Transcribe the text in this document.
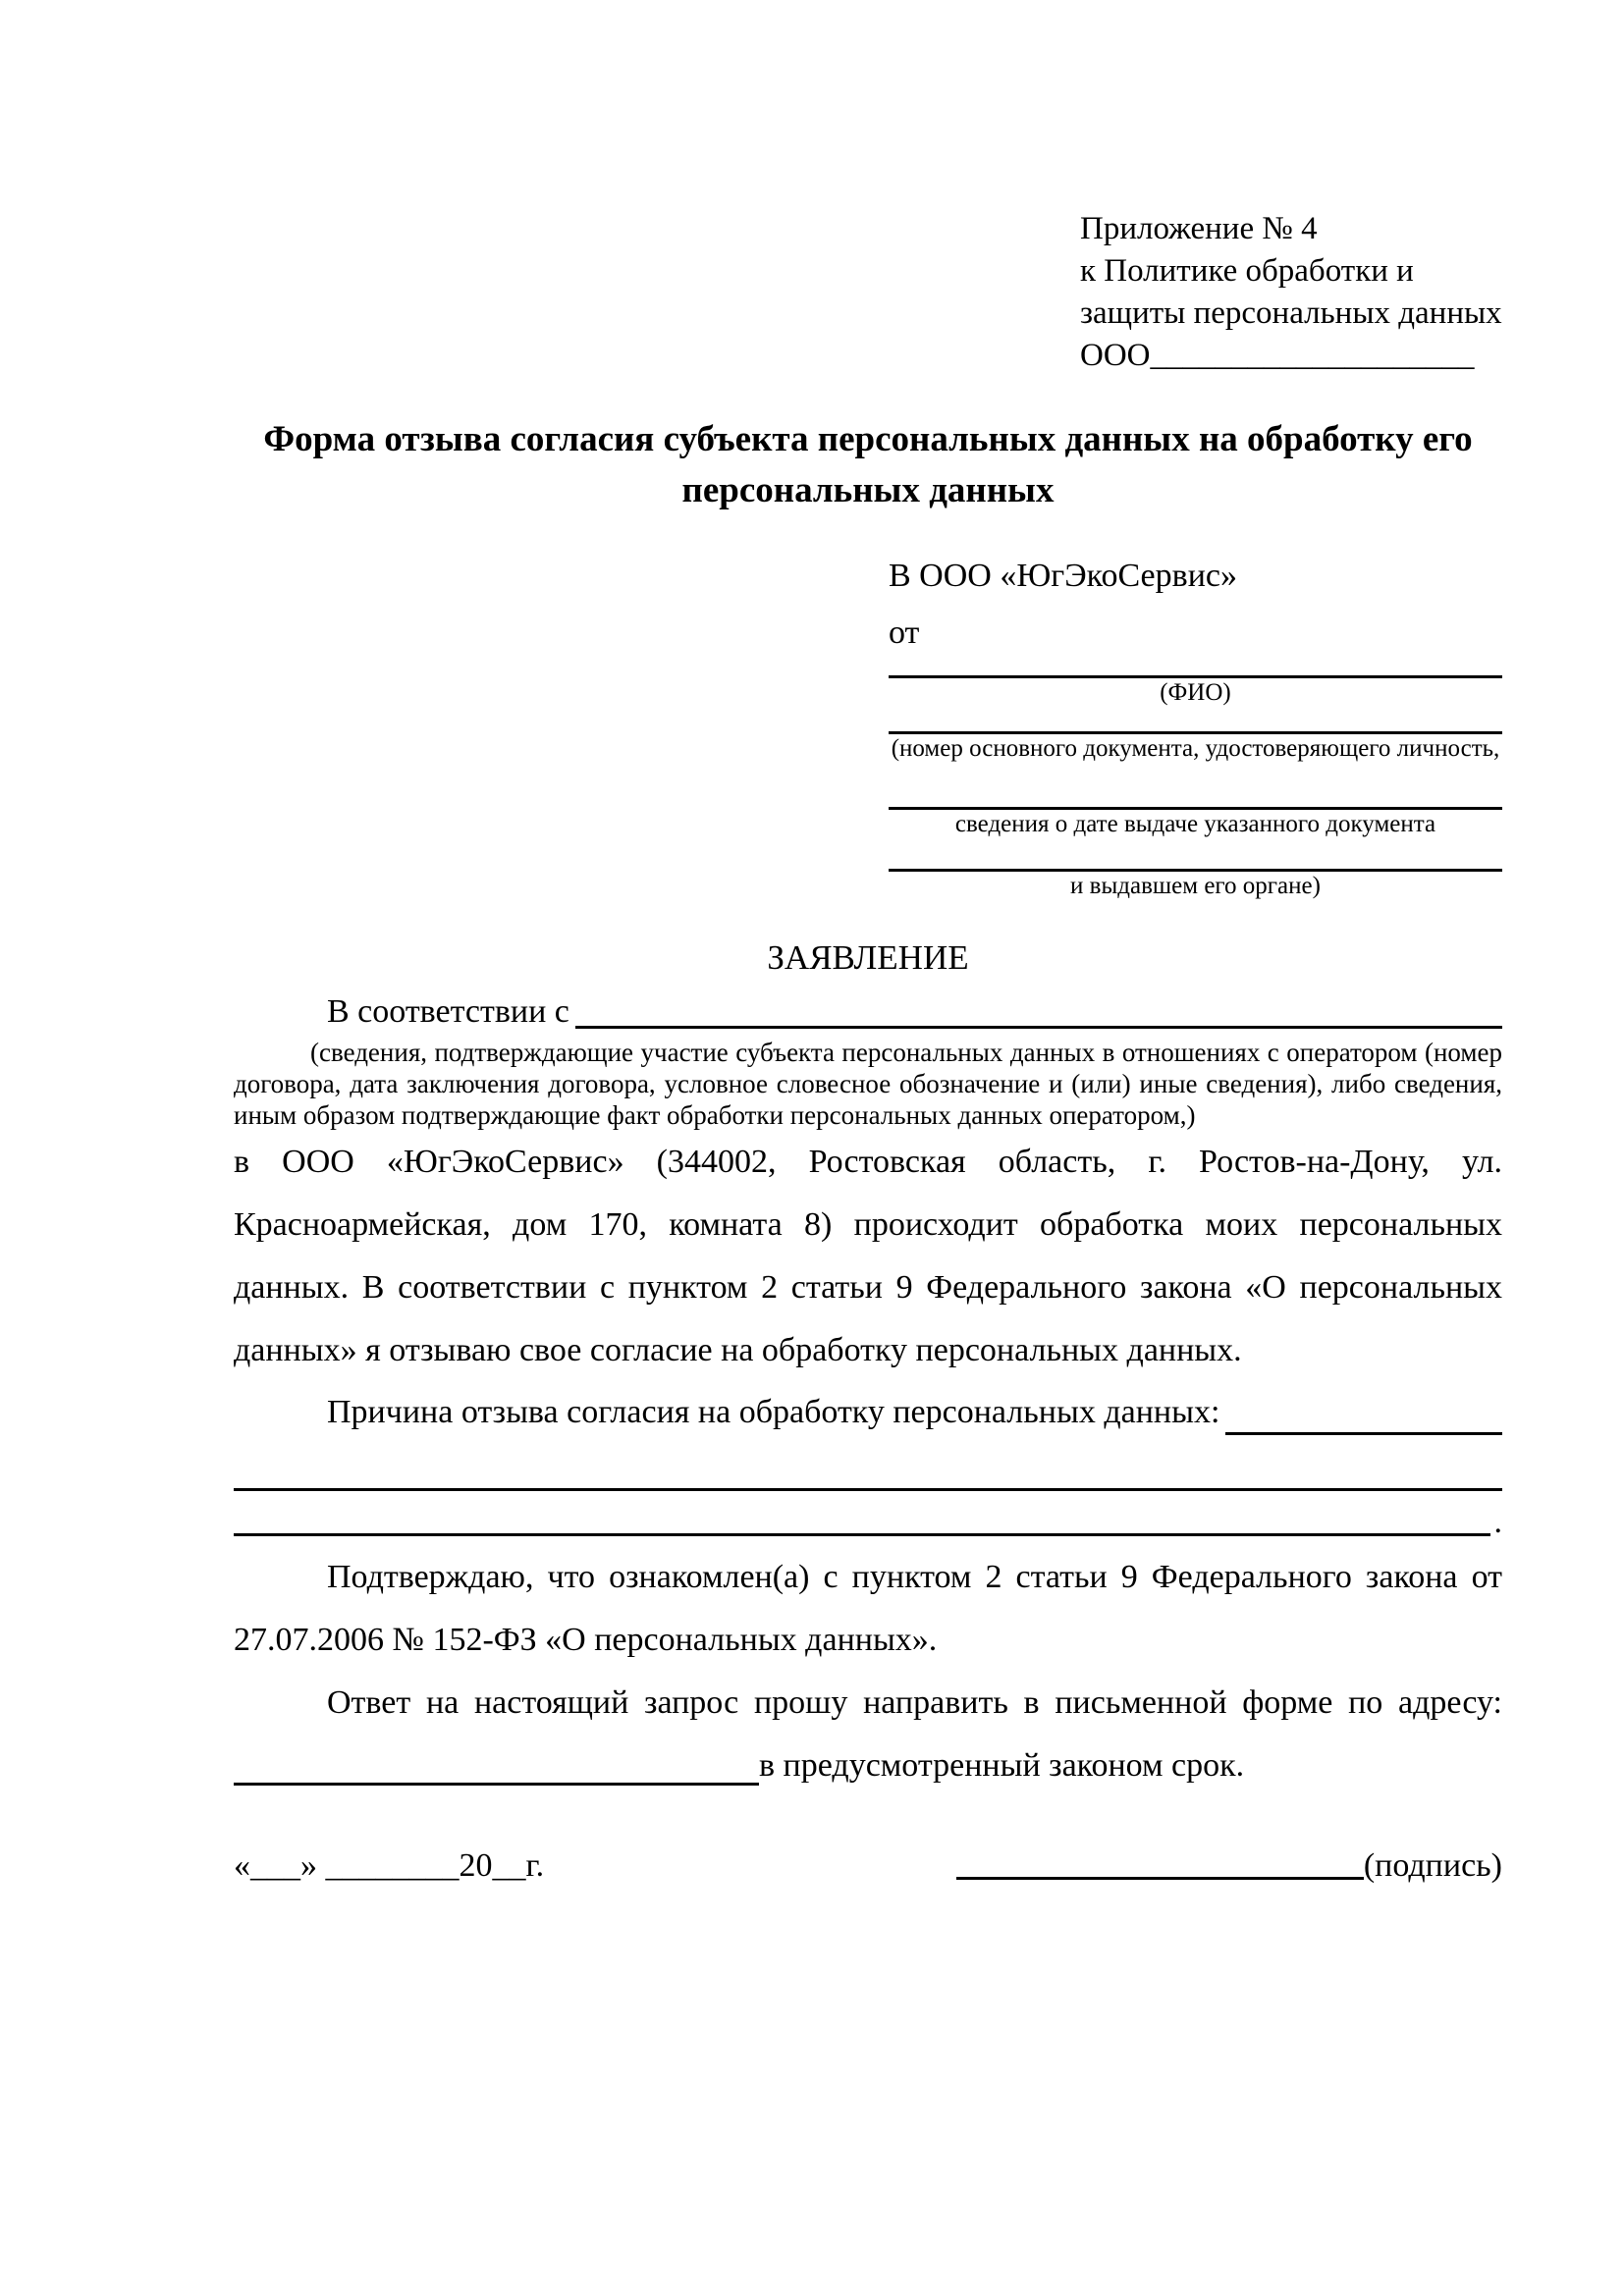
Приложение № 4
к Политике обработки и
защиты персональных данных
ООО____________________
Форма отзыва согласия субъекта персональных данных на обработку его персональных данных
В ООО «ЮгЭкоСервис»
от
(ФИО)
(номер основного документа, удостоверяющего личность,
сведения о дате выдаче указанного документа
и выдавшем его органе)
ЗАЯВЛЕНИЕ
В соответствии с
(сведения, подтверждающие участие субъекта персональных данных в отношениях с оператором (номер договора, дата заключения договора, условное словесное обозначение и (или) иные сведения), либо сведения, иным образом подтверждающие факт обработки персональных данных оператором,)

в ООО «ЮгЭкоСервис» (344002, Ростовская область, г. Ростов-на-Дону, ул. Красноармейская, дом 170, комната 8) происходит обработка моих персональных данных. В соответствии с пунктом 2 статьи 9 Федерального закона «О персональных данных» я отзываю свое согласие на обработку персональных данных.

Причина отзыва согласия на обработку персональных данных:
.

Подтверждаю, что ознакомлен(а) с пунктом 2 статьи 9 Федерального закона от 27.07.2006 № 152-ФЗ «О персональных данных».

Ответ на настоящий запрос прошу направить в письменной форме по адресу:
в предусмотренный законом срок.
«___» ________20__г.	(подпись)
